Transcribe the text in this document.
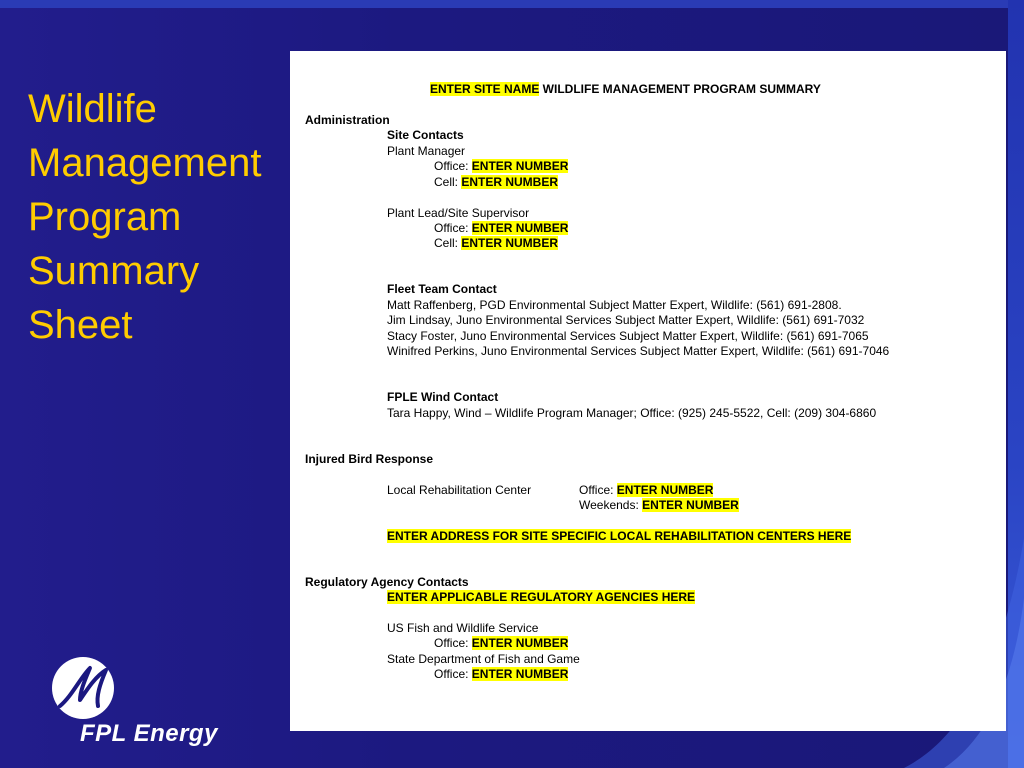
Wildlife
Management
Program
Summary
Sheet
ENTER SITE NAME WILDLIFE MANAGEMENT PROGRAM SUMMARY
Administration
Site Contacts
Plant Manager
Office: ENTER NUMBER
Cell: ENTER NUMBER
Plant Lead/Site Supervisor
Office: ENTER NUMBER
Cell: ENTER NUMBER
Fleet Team Contact
Matt Raffenberg, PGD Environmental Subject Matter Expert, Wildlife: (561) 691-2808.
Jim Lindsay, Juno Environmental Services Subject Matter Expert, Wildlife: (561) 691-7032
Stacy Foster, Juno Environmental Services Subject Matter Expert, Wildlife: (561) 691-7065
Winifred Perkins, Juno Environmental Services Subject Matter Expert, Wildlife: (561) 691-7046
FPLE Wind Contact
Tara Happy, Wind – Wildlife Program Manager; Office: (925) 245-5522, Cell: (209) 304-6860
Injured Bird Response
Local Rehabilitation Center	Office: ENTER NUMBER
Weekends: ENTER NUMBER
ENTER ADDRESS FOR SITE SPECIFIC LOCAL REHABILITATION CENTERS HERE
Regulatory Agency Contacts
ENTER APPLICABLE REGULATORY AGENCIES HERE
US Fish and Wildlife Service
Office: ENTER NUMBER
State Department of Fish and Game
Office: ENTER NUMBER
FPL Energy
